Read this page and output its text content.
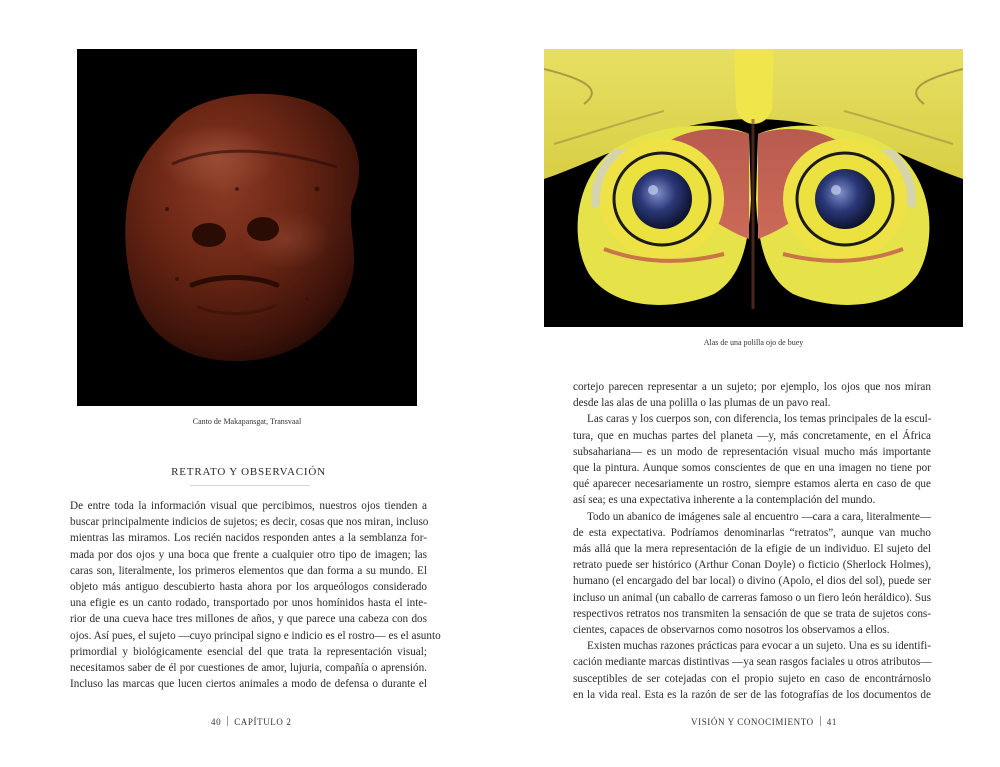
Canto de Makapansgat, Transvaal
RETRATO Y OBSERVACIÓN
De entre toda la información visual que percibimos, nuestros ojos tienden a
buscar principalmente indicios de sujetos; es decir, cosas que nos miran, incluso
mientras las miramos. Los recién nacidos responden antes a la semblanza for-
mada por dos ojos y una boca que frente a cualquier otro tipo de imagen; las
caras son, literalmente, los primeros elementos que dan forma a su mundo. El
objeto más antiguo descubierto hasta ahora por los arqueólogos considerado
una efigie es un canto rodado, transportado por unos homínidos hasta el inte-
rior de una cueva hace tres millones de años, y que parece una cabeza con dos
ojos. Así pues, el sujeto —cuyo principal signo e indicio es el rostro— es el asunto
primordial y biológicamente esencial del que trata la representación visual;
necesitamos saber de él por cuestiones de amor, lujuria, compañía o aprensión.
Incluso las marcas que lucen ciertos animales a modo de defensa o durante el
40 CAPÍTULO 2
Alas de una polilla ojo de buey
cortejo parecen representar a un sujeto; por ejemplo, los ojos que nos miran
desde las alas de una polilla o las plumas de un pavo real.
Las caras y los cuerpos son, con diferencia, los temas principales de la escul-
tura, que en muchas partes del planeta —y, más concretamente, en el África
subsahariana— es un modo de representación visual mucho más importante
que la pintura. Aunque somos conscientes de que en una imagen no tiene por
qué aparecer necesariamente un rostro, siempre estamos alerta en caso de que
así sea; es una expectativa inherente a la contemplación del mundo.
Todo un abanico de imágenes sale al encuentro —cara a cara, literalmente—
de esta expectativa. Podríamos denominarlas “retratos”, aunque van mucho
más allá que la mera representación de la efigie de un individuo. El sujeto del
retrato puede ser histórico (Arthur Conan Doyle) o ficticio (Sherlock Holmes),
humano (el encargado del bar local) o divino (Apolo, el dios del sol), puede ser
incluso un animal (un caballo de carreras famoso o un fiero león heráldico). Sus
respectivos retratos nos transmiten la sensación de que se trata de sujetos cons-
cientes, capaces de observarnos como nosotros los observamos a ellos.
Existen muchas razones prácticas para evocar a un sujeto. Una es su identifi-
cación mediante marcas distintivas —ya sean rasgos faciales u otros atributos—
susceptibles de ser cotejadas con el propio sujeto en caso de encontrárnoslo
en la vida real. Esta es la razón de ser de las fotografías de los documentos de
VISIÓN Y CONOCIMIENTO 41
